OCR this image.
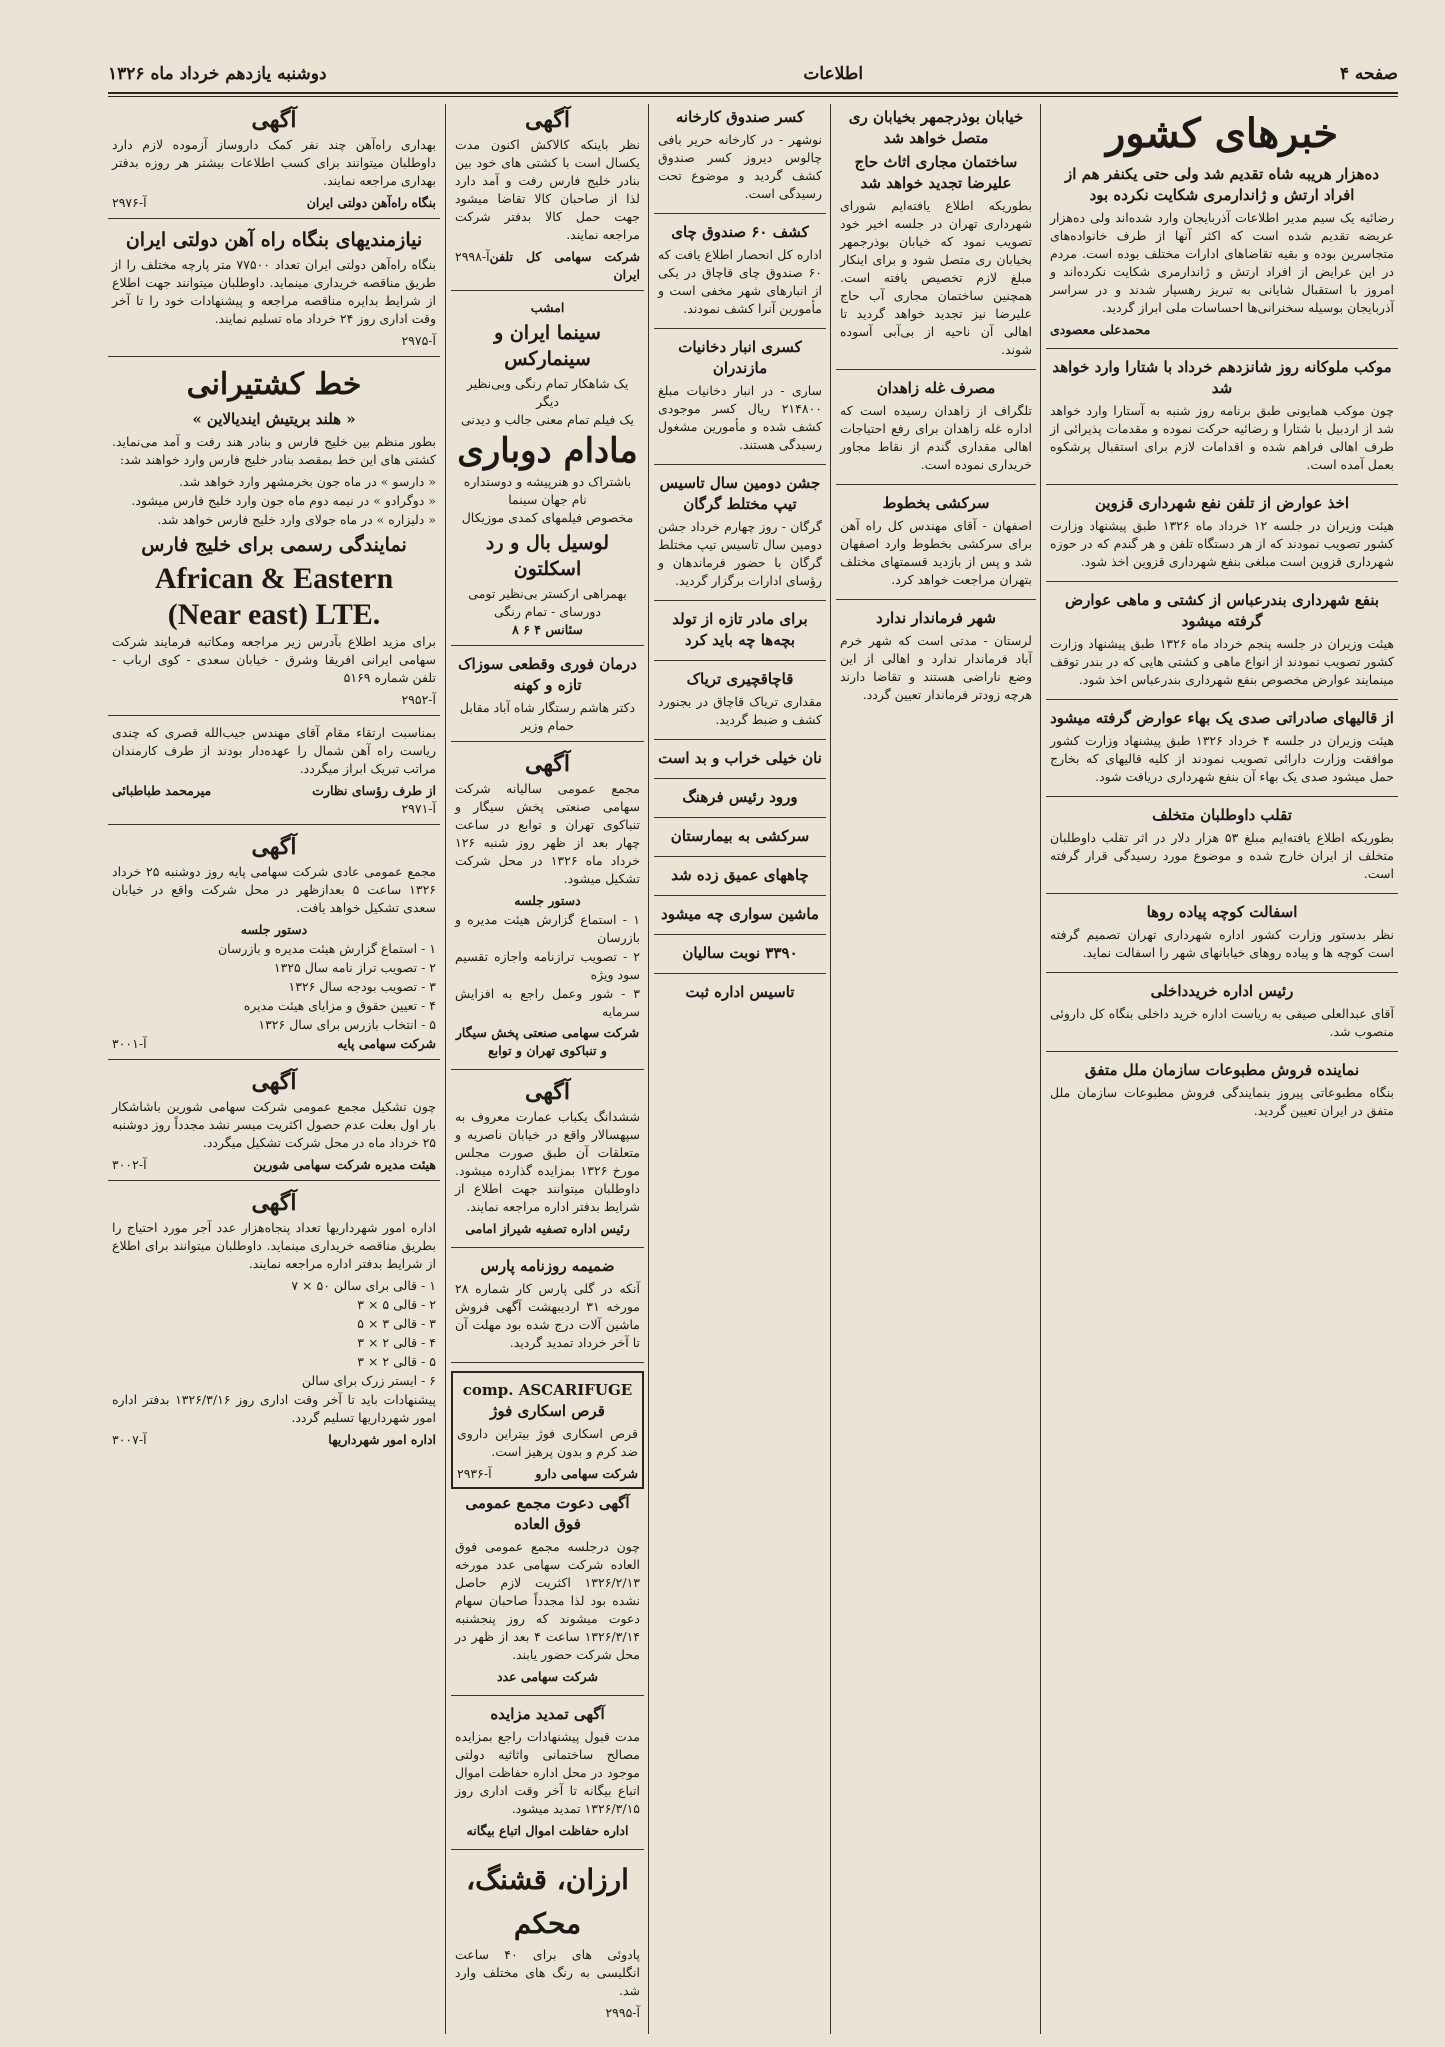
صفحه ۴
اطلاعات
دوشنبه یازدهم خرداد ماه ۱۳۲۶
خبرهای کشور
ده‌هزار هریبه شاه تقدیم شد ولی حتی یکنفر هم از افراد ارتش و ژاندارمری شکایت نکرده بود
رضائیه یک سیم مدیر اطلاعات آذربایجان وارد شده‌اند ولی ده‌هزار عریضه تقدیم شده است که اکثر آنها از طرف خانواده‌های متجاسرین بوده و بقیه تقاضاهای ادارات مختلف بوده است. مردم در این عرایض از افراد ارتش و ژاندارمری شکایت نکرده‌اند و امروز با استقبال شایانی به تبریز رهسپار شدند و در سراسر آذربایجان بوسیله سخنرانی‌ها احساسات ملی ابراز گردید.
محمدعلی معصودی
موکب ملوکانه روز شانزدهم خرداد با شتارا وارد خواهد شد
چون موکب همایونی طبق برنامه روز شنبه به آستارا وارد خواهد شد از اردبیل با شتارا و رضائیه حرکت نموده و مقدمات پذیرائی از طرف اهالی فراهم شده و اقدامات لازم برای استقبال پرشکوه بعمل آمده است.
اخذ عوارض از تلفن نفع شهرداری قزوین
هیئت وزیران در جلسه ۱۲ خرداد ماه ۱۳۲۶ طبق پیشنهاد وزارت کشور تصویب نمودند که از هر دستگاه تلفن و هر گندم که در حوزه شهرداری قزوین است مبلغی بنفع شهرداری قزوین اخذ شود.
بنفع شهرداری بندرعباس از کشتی و ماهی عوارض گرفته میشود
هیئت وزیران در جلسه پنجم خرداد ماه ۱۳۲۶ طبق پیشنهاد وزارت کشور تصویب نمودند از انواع ماهی و کشتی هایی که در بندر توقف مینمایند عوارض مخصوص بنفع شهرداری بندرعباس اخذ شود.
از قالیهای صادراتی صدی یک بهاء عوارض گرفته میشود
هیئت وزیران در جلسه ۴ خرداد ۱۳۲۶ طبق پیشنهاد وزارت کشور موافقت وزارت دارائی تصویب نمودند از کلیه قالیهای که بخارج حمل میشود صدی یک بهاء آن بنفع شهرداری دریافت شود.
تقلب داوطلبان متخلف
بطوریکه اطلاع یافته‌ایم مبلغ ۵۳ هزار دلار در اثر تقلب داوطلبان متخلف از ایران خارج شده و موضوع مورد رسیدگی قرار گرفته است.
اسفالت کوچه پیاده روها
نظر بدستور وزارت کشور اداره شهرداری تهران تصمیم گرفته است کوچه ها و پیاده روهای خیابانهای شهر را اسفالت نماید.
رئیس اداره خریدداخلی
آقای عبدالعلی صیفی به ریاست اداره خرید داخلی بنگاه کل داروئی منصوب شد.
نماینده فروش مطبوعات سازمان ملل متفق
بنگاه مطبوعاتی پیروز بنمایندگی فروش مطبوعات سازمان ملل متفق در ایران تعیین گردید.
خیابان بوذرجمهر بخیابان ری متصل خواهد شد
ساختمان مجاری اثاث حاج علیرضا تجدید خواهد شد
بطوریکه اطلاع یافته‌ایم شورای شهرداری تهران در جلسه اخیر خود تصویب نمود که خیابان بوذرجمهر بخیابان ری متصل شود و برای اینکار مبلغ لازم تخصیص یافته است. همچنین ساختمان مجاری آب حاج علیرضا نیز تجدید خواهد گردید تا اهالی آن ناحیه از بی‌آبی آسوده شوند.
مصرف غله زاهدان
تلگراف از زاهدان رسیده است که اداره غله زاهدان برای رفع احتیاجات اهالی مقداری گندم از نقاط مجاور خریداری نموده است.
سرکشی بخطوط
اصفهان - آقای مهندس کل راه آهن برای سرکشی بخطوط وارد اصفهان شد و پس از بازدید قسمتهای مختلف بتهران مراجعت خواهد کرد.
شهر فرماندار ندارد
لرستان - مدتی است که شهر خرم آباد فرماندار ندارد و اهالی از این وضع ناراضی هستند و تقاضا دارند هرچه زودتر فرماندار تعیین گردد.
کسر صندوق کارخانه
نوشهر - در کارخانه حریر بافی چالوس دیروز کسر صندوق کشف گردید و موضوع تحت رسیدگی است.
کشف ۶۰ صندوق چای
اداره کل انحصار اطلاع یافت که ۶۰ صندوق چای قاچاق در یکی از انبارهای شهر مخفی است و مأمورین آنرا کشف نمودند.
کسری انبار دخانیات مازندران
ساری - در انبار دخانیات مبلغ ۲۱۴۸۰۰ ریال کسر موجودی کشف شده و مأمورین مشغول رسیدگی هستند.
جشن دومین سال تاسیس تیپ مختلط گرگان
گرگان - روز چهارم خرداد جشن دومین سال تاسیس تیپ مختلط گرگان با حضور فرماندهان و رؤسای ادارات برگزار گردید.
برای مادر تازه از تولد بچه‌ها چه باید کرد
قاچاقچیری تریاک
مقداری تریاک قاچاق در بجنورد کشف و ضبط گردید.
نان خیلی خراب و بد است
ورود رئیس فرهنگ
سرکشی به بیمارستان
چاههای عمیق زده شد
ماشین سواری چه میشود
۳۳۹۰ نوبت سالیان
تاسیس اداره ثبت
آگهی
نظر باینکه کالاکش اکنون مدت یکسال است با کشتی های خود بین بنادر خلیج فارس رفت و آمد دارد لذا از صاحبان کالا تقاضا میشود جهت حمل کالا بدفتر شرکت مراجعه نمایند.
شرکت سهامی کل تلفن ایران
آ-۲۹۹۸
امشب
سینما ایران و سینمارکس
یک شاهکار تمام رنگی وبی‌نظیر دیگر
یک فیلم تمام معنی جالب و دیدنی
مادام دوباری
باشتراک دو هنرپیشه و دوستداره نام جهان سینما
مخصوص فیلمهای کمدی موزیکال
لوسیل بال و رد اسکلتون
بهمراهی ارکستر بی‌نظیر تومی دورسای - تمام رنگی
سئانس ۴ ۶ ۸
درمان فوری وقطعی سوزاک تازه و کهنه
دکتر هاشم رستگار شاه آباد مقابل حمام وزیر
آگهی
مجمع عمومی سالیانه شرکت سهامی صنعتی پخش سیگار و تنباکوی تهران و توابع در ساعت چهار بعد از ظهر روز شنبه ۱۲۶ خرداد ماه ۱۳۲۶ در محل شرکت تشکیل میشود.
دستور جلسه
۱ - استماع گزارش هیئت مدیره و بازرسان
۲ - تصویب ترازنامه واجازه تقسیم سود ویژه
۳ - شور وعمل راجع به افزایش سرمایه
شرکت سهامی صنعتی پخش سیگار و تنباکوی تهران و توابع
آگهی
ششدانگ یکباب عمارت معروف به سپهسالار واقع در خیابان ناصریه و متعلقات آن طبق صورت مجلس مورخ ۱۳۲۶ بمزایده گذارده میشود. داوطلبان میتوانند جهت اطلاع از شرایط بدفتر اداره مراجعه نمایند.
رئیس اداره تصفیه شیراز امامی
ضمیمه روزنامه پارس
آنکه در گلی پارس کار شماره ۲۸ مورخه ۳۱ اردیبهشت آگهی فروش ماشین آلات درج شده بود مهلت آن تا آخر خرداد تمدید گردید.
comp. ASCARIFUGE قرص اسکاری فوژ
قرص اسکاری فوژ بیتراین داروی ضد کرم و بدون پرهیز است.
شرکت سهامی دارو
آ-۲۹۳۶
آگهی دعوت مجمع عمومی فوق العاده
چون درجلسه مجمع عمومی فوق العاده شرکت سهامی عدد مورخه ۱۳۲۶/۲/۱۳ اکثریت لازم حاصل نشده بود لذا مجدداً صاحبان سهام دعوت میشوند که روز پنجشنبه ۱۳۲۶/۳/۱۴ ساعت ۴ بعد از ظهر در محل شرکت حضور یابند.
شرکت سهامی عدد
آگهی تمدید مزایده
مدت قبول پیشنهادات راجع بمزایده مصالح ساختمانی واثاثیه دولتی موجود در محل اداره حفاظت اموال اتباع بیگانه تا آخر وقت اداری روز ۱۳۲۶/۳/۱۵ تمدید میشود.
اداره حفاظت اموال اتباع بیگانه
ارزان، قشنگ، محکم
پادوئی های برای ۴۰ ساعت انگلیسی به رنگ های مختلف وارد شد.
آ-۲۹۹۵
آگهی
بهداری راه‌آهن چند نفر کمک داروساز آزموده لازم دارد داوطلبان میتوانند برای کسب اطلاعات بیشتر هر روزه بدفتر بهداری مراجعه نمایند.
بنگاه راه‌آهن دولتی ایران
آ-۲۹۷۶
نیازمندیهای بنگاه راه آهن دولتی ایران
بنگاه راه‌آهن دولتی ایران تعداد ۷۷۵۰۰ متر پارچه مختلف را از طریق مناقصه خریداری مینماید. داوطلبان میتوانند جهت اطلاع از شرایط بدایره مناقصه مراجعه و پیشنهادات خود را تا آخر وقت اداری روز ۲۴ خرداد ماه تسلیم نمایند.
آ-۲۹۷۵
خط کشتیرانی
« هلند بریتیش ایندیالاین »
بطور منظم بین خلیج فارس و بنادر هند رفت و آمد می‌نماید. کشتی های این خط بمقصد بنادر خلیج فارس وارد خواهند شد:
« دارسو » در ماه جون بخرمشهر وارد خواهد شد.
« دوگرادو » در نیمه دوم ماه جون وارد خلیج فارس میشود.
« دلیزاره » در ماه جولای وارد خلیج فارس خواهد شد.
نمایندگی رسمی برای خلیج فارس
African & Eastern
(Near east) LTE.
برای مزید اطلاع بآدرس زیر مراجعه ومکاتبه فرمایند شرکت سهامی ایرانی افریقا وشرق - خیابان سعدی - کوی ارباب - تلفن شماره ۵۱۶۹
آ-۲۹۵۲
بمناسبت ارتقاء مقام آقای مهندس جیب‌الله قصری که چندی ریاست راه آهن شمال را عهده‌دار بودند از طرف کارمندان مراتب تبریک ابراز میگردد.
از طرف رؤسای نظارت
میرمحمد طباطبائی
آ-۲۹۷۱
آگهی
مجمع عمومی عادی شرکت سهامی پایه روز دوشنبه ۲۵ خرداد ۱۳۲۶ ساعت ۵ بعدازظهر در محل شرکت واقع در خیابان سعدی تشکیل خواهد یافت.
دستور جلسه
۱ - استماع گزارش هیئت مدیره و بازرسان
۲ - تصویب تراز نامه سال ۱۳۲۵
۳ - تصویب بودجه سال ۱۳۲۶
۴ - تعیین حقوق و مزایای هیئت مدیره
۵ - انتخاب بازرس برای سال ۱۳۲۶
شرکت سهامی پایه
آ-۳۰۰۱
آگهی
چون تشکیل مجمع عمومی شرکت سهامی شورین باشاشکار بار اول بعلت عدم حصول اکثریت میسر نشد مجدداً روز دوشنبه ۲۵ خرداد ماه در محل شرکت تشکیل میگردد.
هیئت مدیره شرکت سهامی شورین
آ-۳۰۰۲
آگهی
اداره امور شهرداریها تعداد پنجاه‌هزار عدد آجر مورد احتیاج را بطریق مناقصه خریداری مینماید. داوطلبان میتوانند برای اطلاع از شرایط بدفتر اداره مراجعه نمایند.
۱ - قالی برای سالن ۵۰ × ۷
۲ - قالی ۵ × ۳
۳ - قالی ۳ × ۵
۴ - قالی ۲ × ۳
۵ - قالی ۲ × ۳
۶ - ایستر زرک برای سالن
پیشنهادات باید تا آخر وقت اداری روز ۱۳۲۶/۳/۱۶ بدفتر اداره امور شهرداریها تسلیم گردد.
اداره امور شهرداریها
آ-۳۰۰۷
